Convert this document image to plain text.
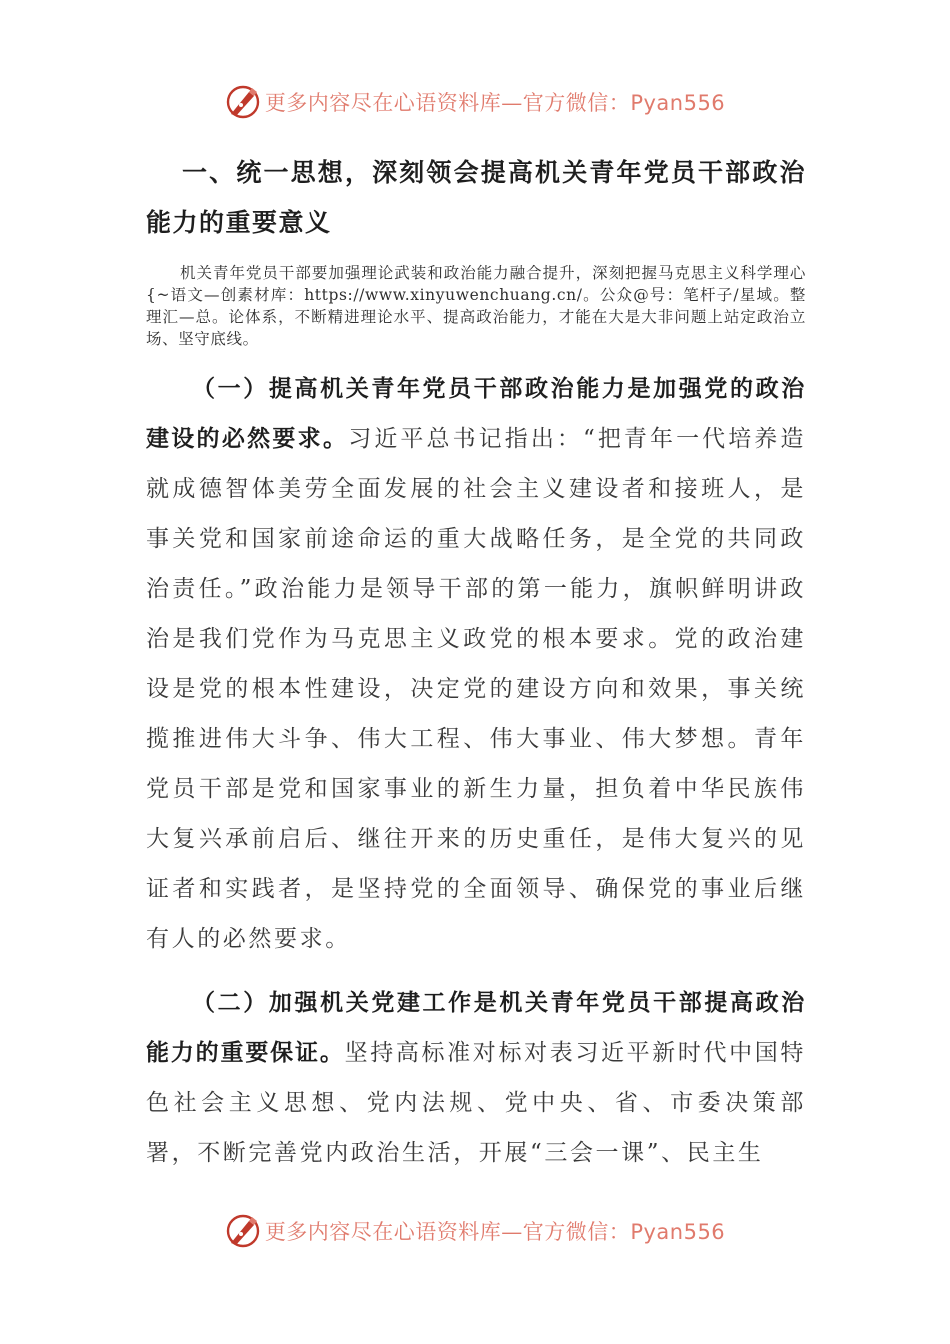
更多内容尽在心语资料库—官方微信：Pyan556

一、统一思想，深刻领会提高机关青年党员干部政治能力的重要意义

机关青年党员干部要加强理论武装和政治能力融合提升，深刻把握马克思主义科学理心{~语文—创素材库：https://www.xinyuwenchuang.cn/。公众@号：笔杆子/星域。整理汇—总。论体系，不断精进理论水平、提高政治能力，才能在大是大非问题上站定政治立场、坚守底线。

（一）提高机关青年党员干部政治能力是加强党的政治建设的必然要求。习近平总书记指出：“把青年一代培养造就成德智体美劳全面发展的社会主义建设者和接班人，是事关党和国家前途命运的重大战略任务，是全党的共同政治责任。”政治能力是领导干部的第一能力，旗帜鲜明讲政治是我们党作为马克思主义政党的根本要求。党的政治建设是党的根本性建设，决定党的建设方向和效果，事关统揽推进伟大斗争、伟大工程、伟大事业、伟大梦想。青年党员干部是党和国家事业的新生力量，担负着中华民族伟大复兴承前启后、继往开来的历史重任，是伟大复兴的见证者和实践者，是坚持党的全面领导、确保党的事业后继有人的必然要求。

（二）加强机关党建工作是机关青年党员干部提高政治能力的重要保证。坚持高标准对标对表习近平新时代中国特色社会主义思想、党内法规、党中央、省、市委决策部署，不断完善党内政治生活，开展“三会一课”、民主生

更多内容尽在心语资料库—官方微信：Pyan556
